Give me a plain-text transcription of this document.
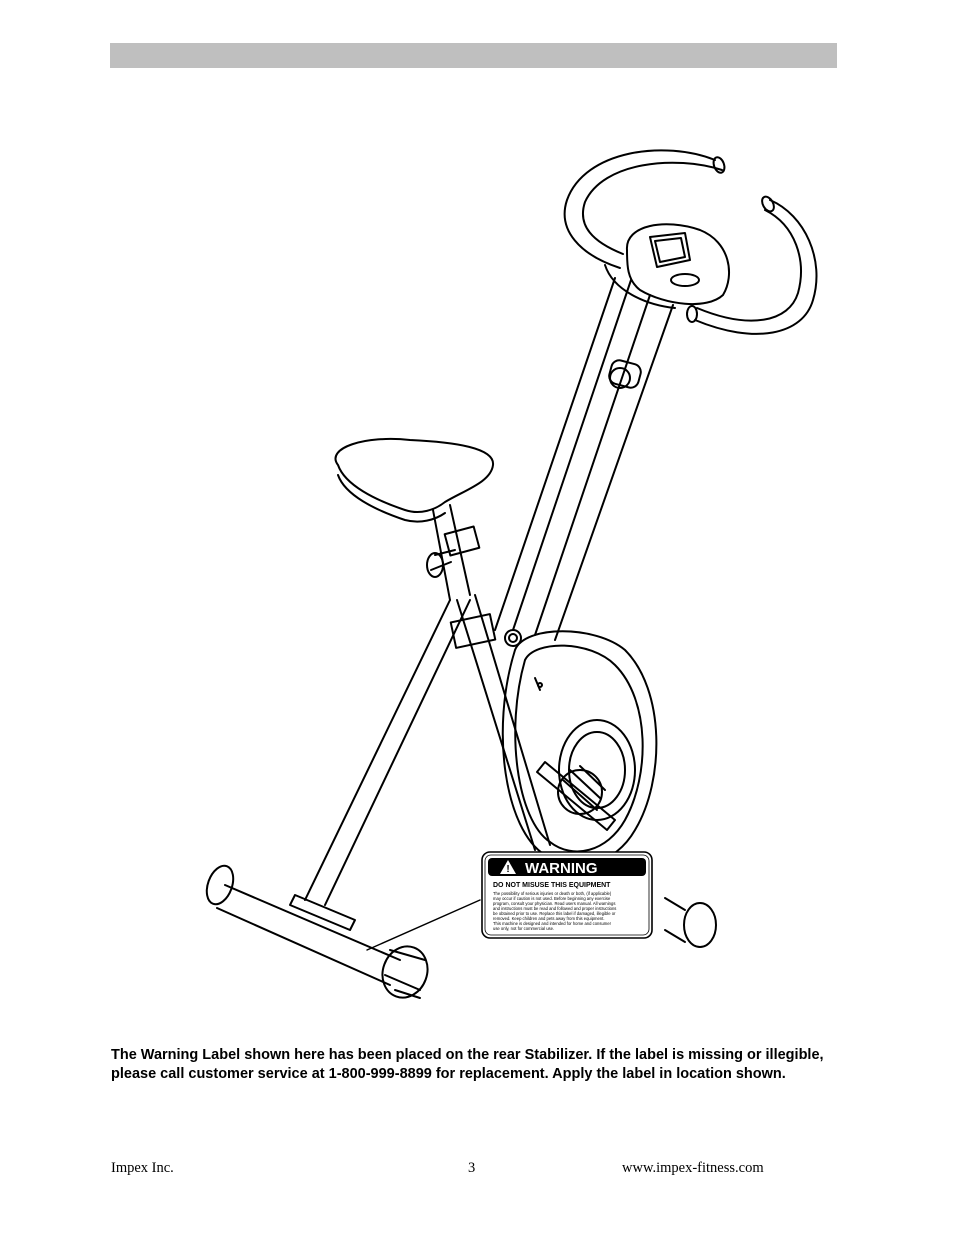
! WARNING
DO NOT MISUSE THIS EQUIPMENT
The possibility of serious injuries or death or both, (if applicable)
may occur if caution is not used. Before beginning any exercise
program, consult your physician. Read users manual. All warnings
and instructions must be read and followed and proper instructions
be obtained prior to use. Replace this label if damaged, illegible or
removed. Keep children and pets away from this equipment.
This machine is designed and intended for home and consumer
use only, not for commercial use.
The Warning Label shown here has been placed on the rear Stabilizer. If the label is missing or illegible, please call customer service at 1-800-999-8899 for replacement. Apply the label in location shown.
Impex Inc.	3	www.impex-fitness.com
